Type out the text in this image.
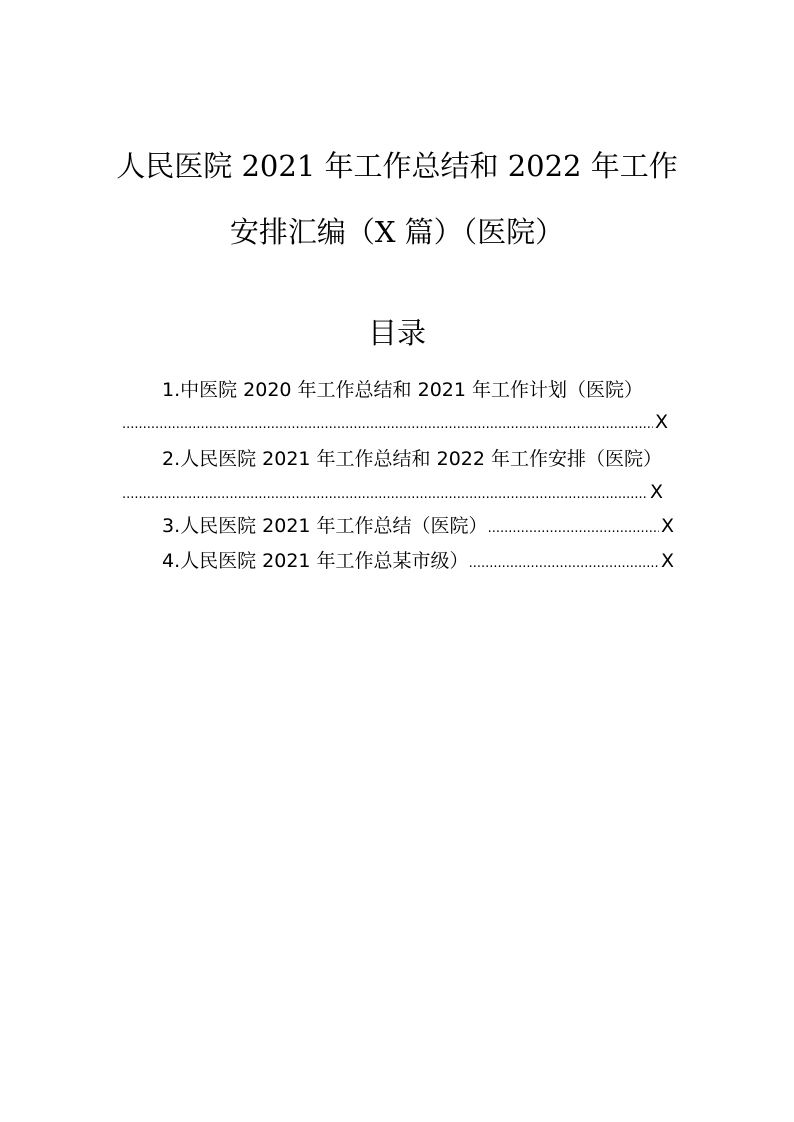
人民医院 2021 年工作总结和 2022 年工作
安排汇编（X 篇）（医院）
目录
1.中医院 2020 年工作总结和 2021 年工作计划（医院）
.....
X
2.人民医院 2021 年工作总结和 2022 年工作安排（医院）
.....
X
3.人民医院 2021 年工作总结（医院） .....	X
4.人民医院 2021 年工作总某市级） .....	X
